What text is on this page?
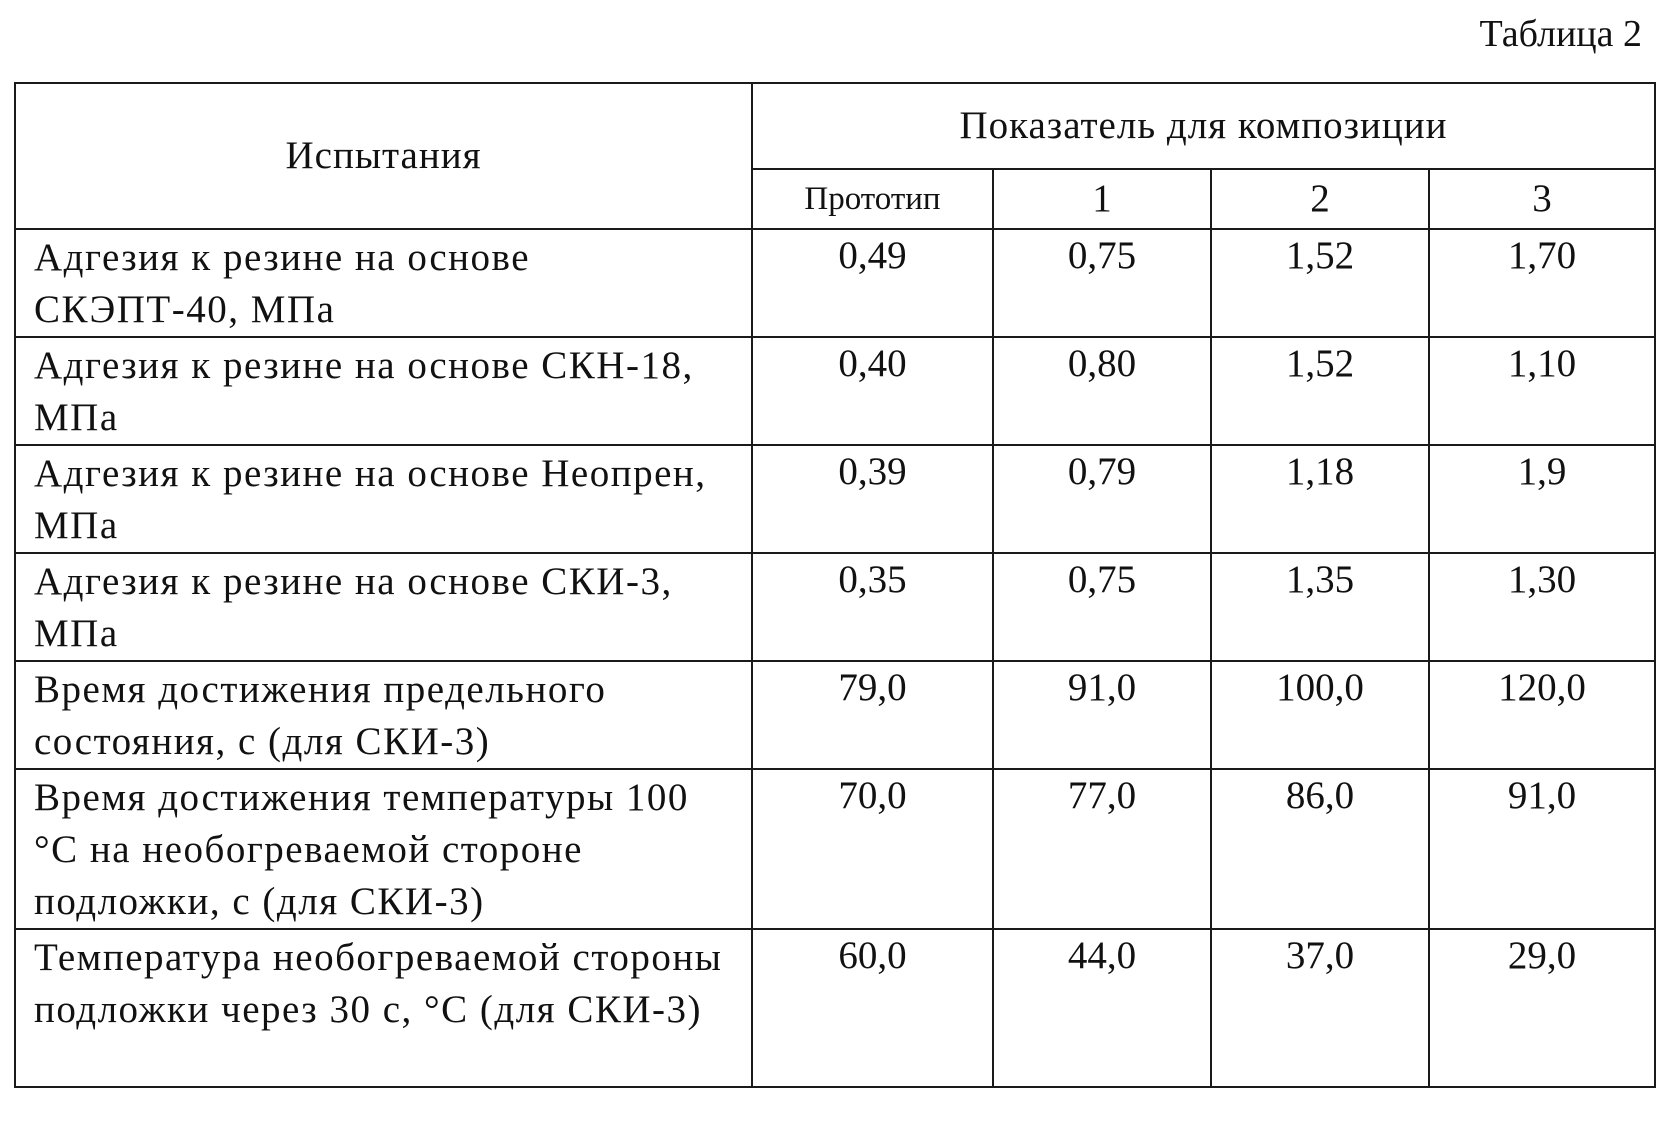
Таблица 2
Испытания	Показатель для композиции			
	Прототип	1	2	3
Адгезия к резине на основе СКЭПТ-40, МПа	0,49	0,75	1,52	1,70
Адгезия к резине на основе СКН-18, МПа	0,40	0,80	1,52	1,10
Адгезия к резине на основе Неопрен, МПа	0,39	0,79	1,18	1,9
Адгезия к резине на основе СКИ-3, МПа	0,35	0,75	1,35	1,30
Время достижения предельного состояния, с (для СКИ-3)	79,0	91,0	100,0	120,0
Время достижения температуры 100 °С на необогреваемой стороне подложки, с (для СКИ-3)	70,0	77,0	86,0	91,0
Температура необогреваемой стороны подложки через 30 с, °С (для СКИ-3)	60,0	44,0	37,0	29,0
